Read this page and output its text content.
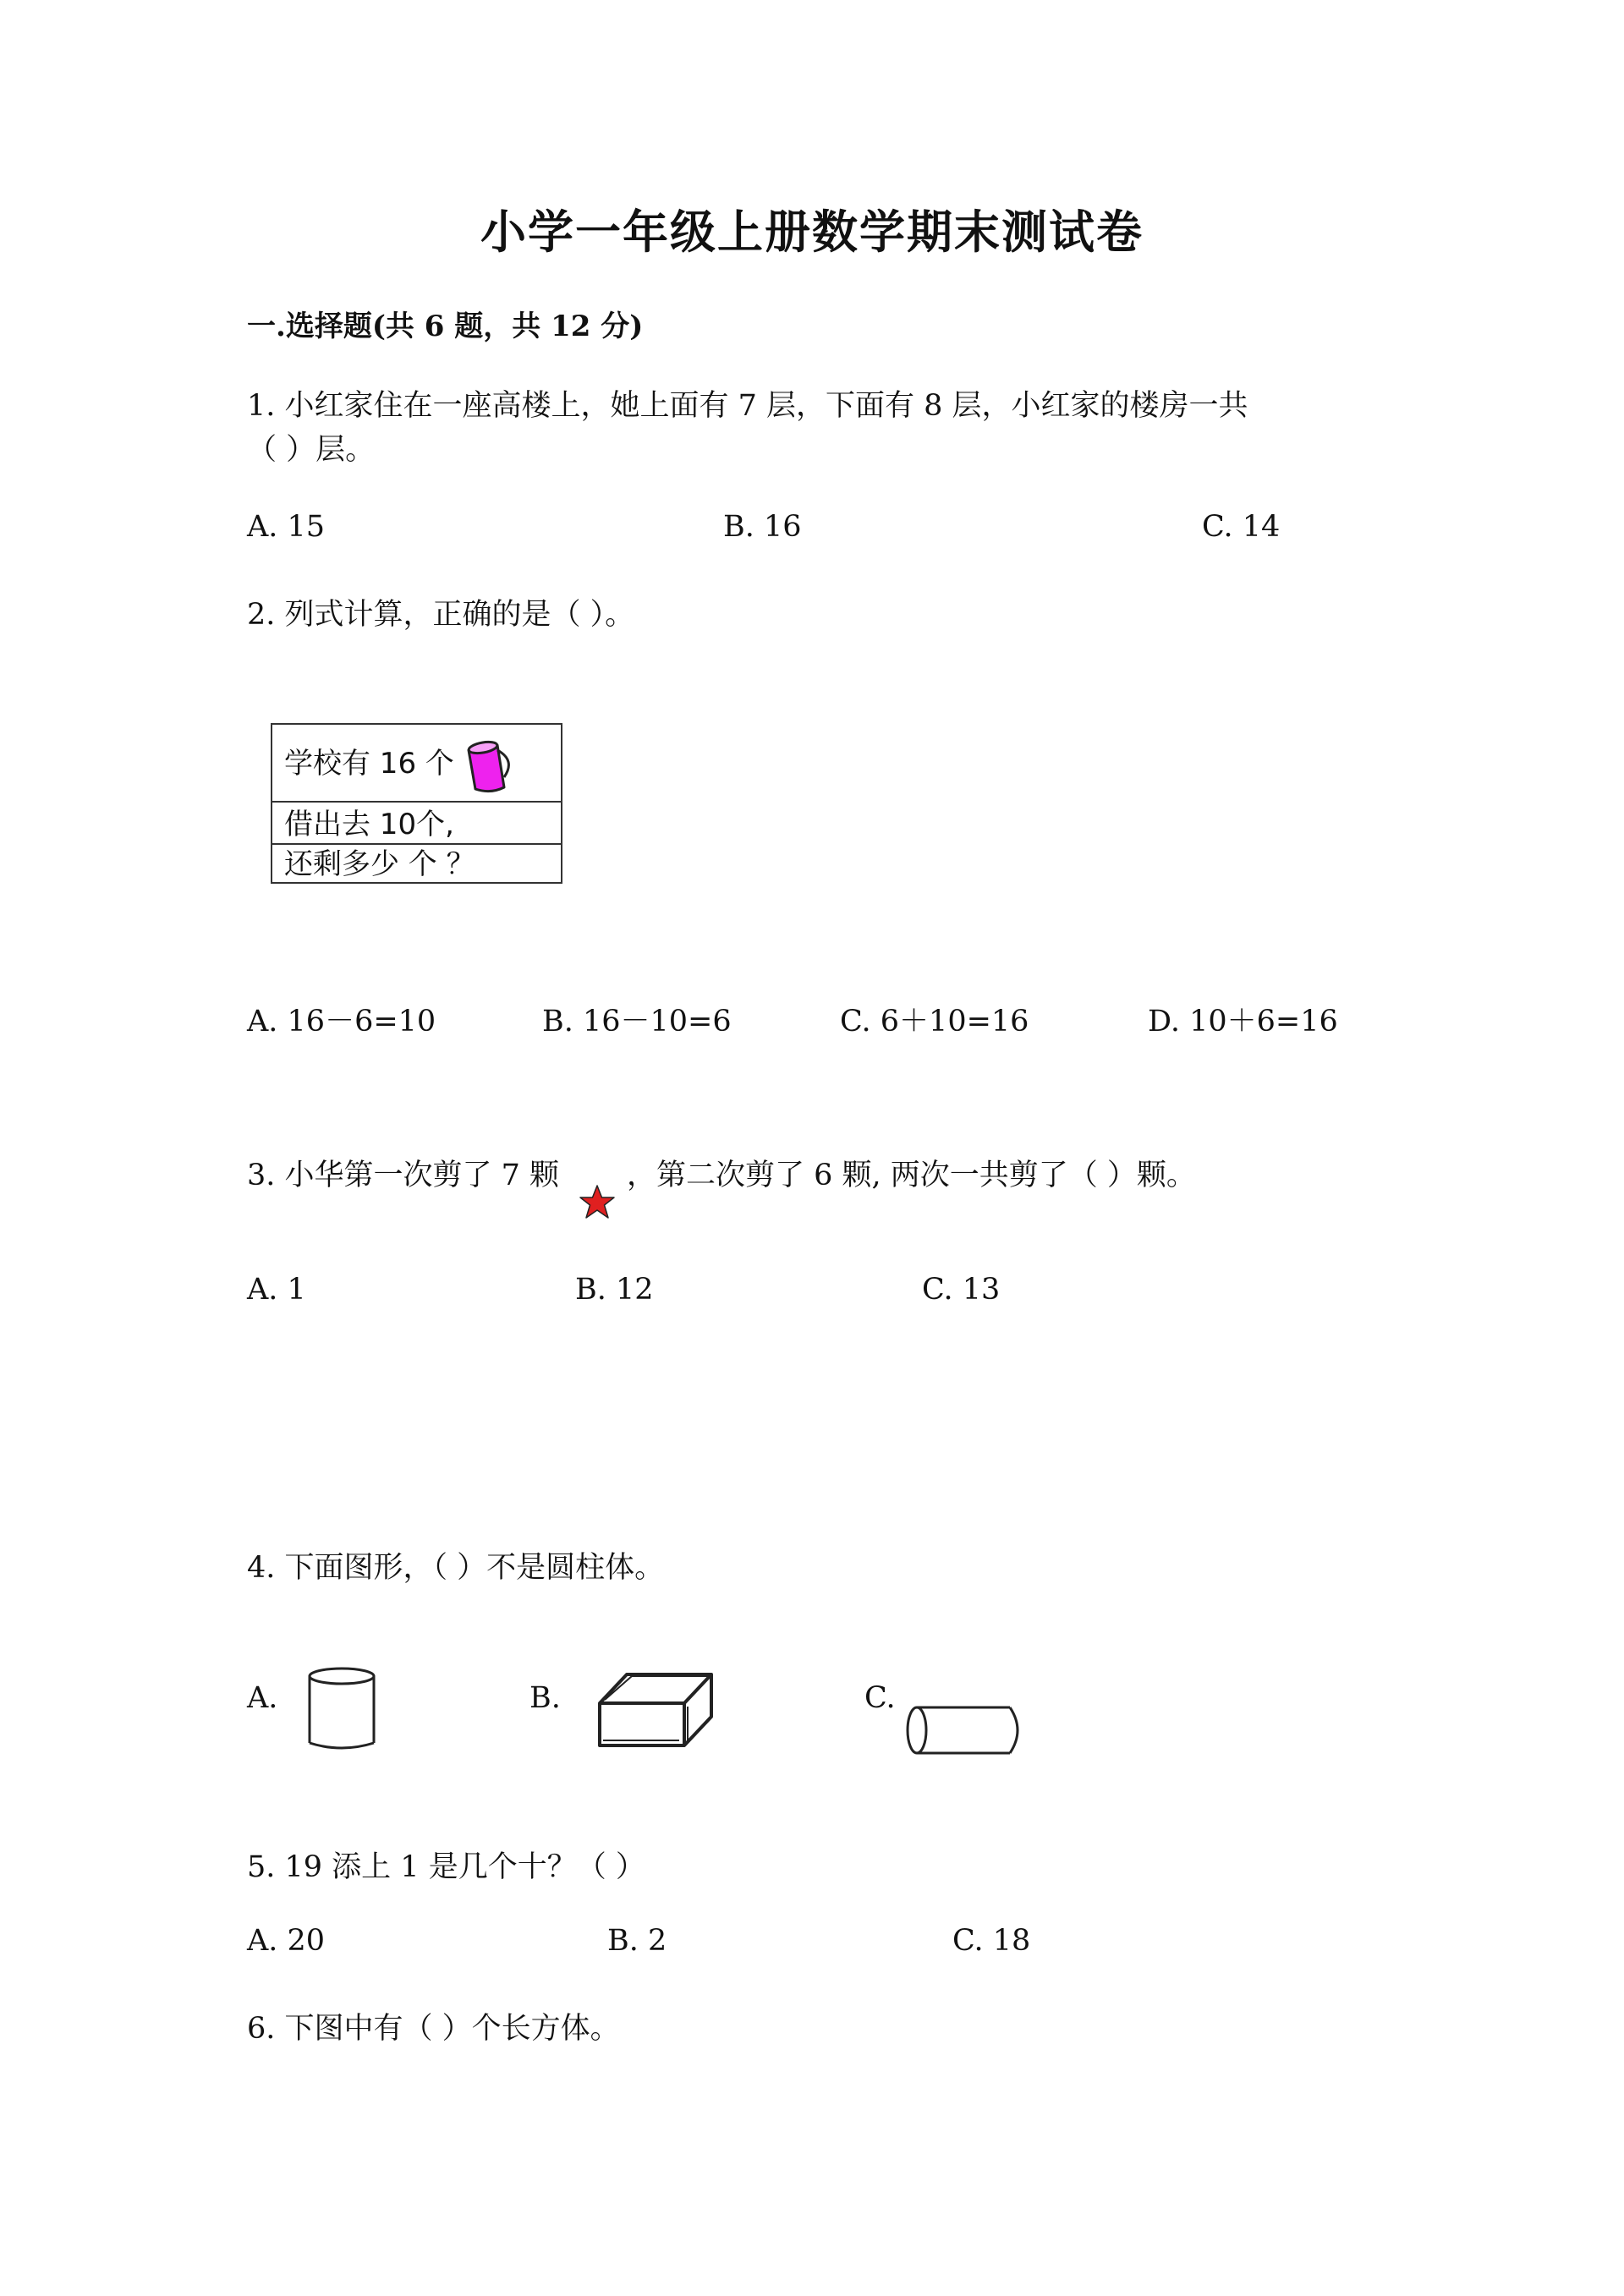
小学一年级上册数学期末测试卷
一.选择题(共 6 题，共 12 分)
1. 小红家住在一座高楼上，她上面有 7 层，下面有 8 层，小红家的楼房一共
（ ）层。
A. 15	B. 16	C. 14
2. 列式计算，正确的是（ ）。
学校有 16 个
借出去 10个,
还剩多少 个 ？
A. 16－6=10	B. 16－10=6	C. 6＋10=16	D. 10＋6=16
3. 小华第一次剪了 7 颗 ，第二次剪了 6 颗, 两次一共剪了（ ）颗。
A. 1	B. 12	C. 13
4. 下面图形，（ ）不是圆柱体。
A.	B.	C.
5. 19 添上 1 是几个十？（ ）
A. 20	B. 2	C. 18
6. 下图中有（ ）个长方体。
